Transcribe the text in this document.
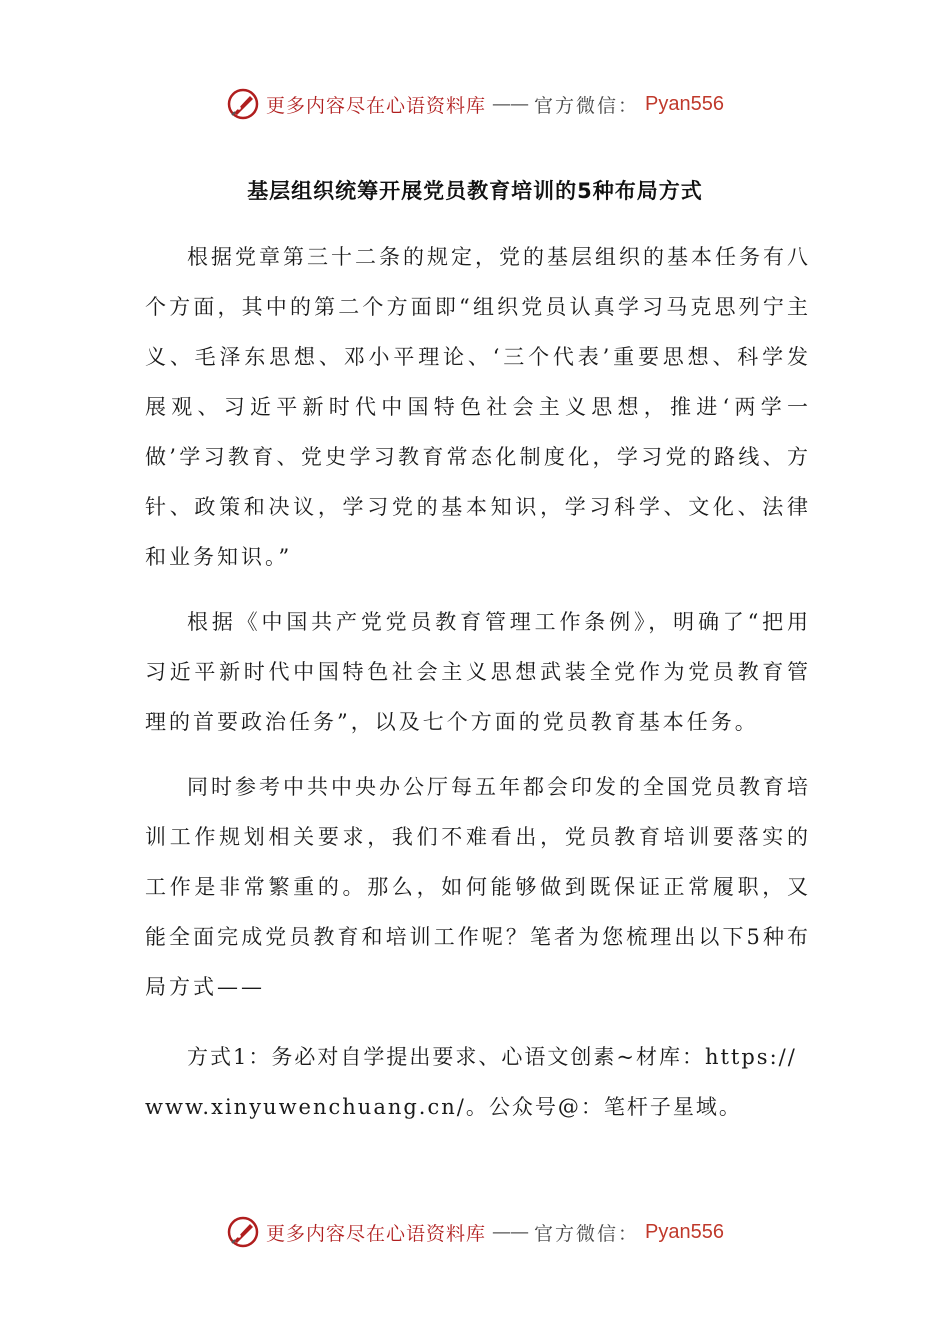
更多内容尽在心语资料库 —— 官方微信： Pyan556
基层组织统筹开展党员教育培训的5种布局方式

根据党章第三十二条的规定，党的基层组织的基本任务有八个方面，其中的第二个方面即“组织党员认真学习马克思列宁主义、毛泽东思想、邓小平理论、‘三个代表’重要思想、科学发展观、习近平新时代中国特色社会主义思想，推进‘两学一做’学习教育、党史学习教育常态化制度化，学习党的路线、方针、政策和决议，学习党的基本知识，学习科学、文化、法律和业务知识。”

根据《中国共产党党员教育管理工作条例》，明确了“把用习近平新时代中国特色社会主义思想武装全党作为党员教育管理的首要政治任务”，以及七个方面的党员教育基本任务。

同时参考中共中央办公厅每五年都会印发的全国党员教育培训工作规划相关要求，我们不难看出，党员教育培训要落实的工作是非常繁重的。那么，如何能够做到既保证正常履职，又能全面完成党员教育和培训工作呢？笔者为您梳理出以下5种布局方式——

方式1：务必对自学提出要求、心语文创素~材库：https://www.xinyuwenchuang.cn/。公众号@：笔杆子星域。

更多内容尽在心语资料库 —— 官方微信： Pyan556
